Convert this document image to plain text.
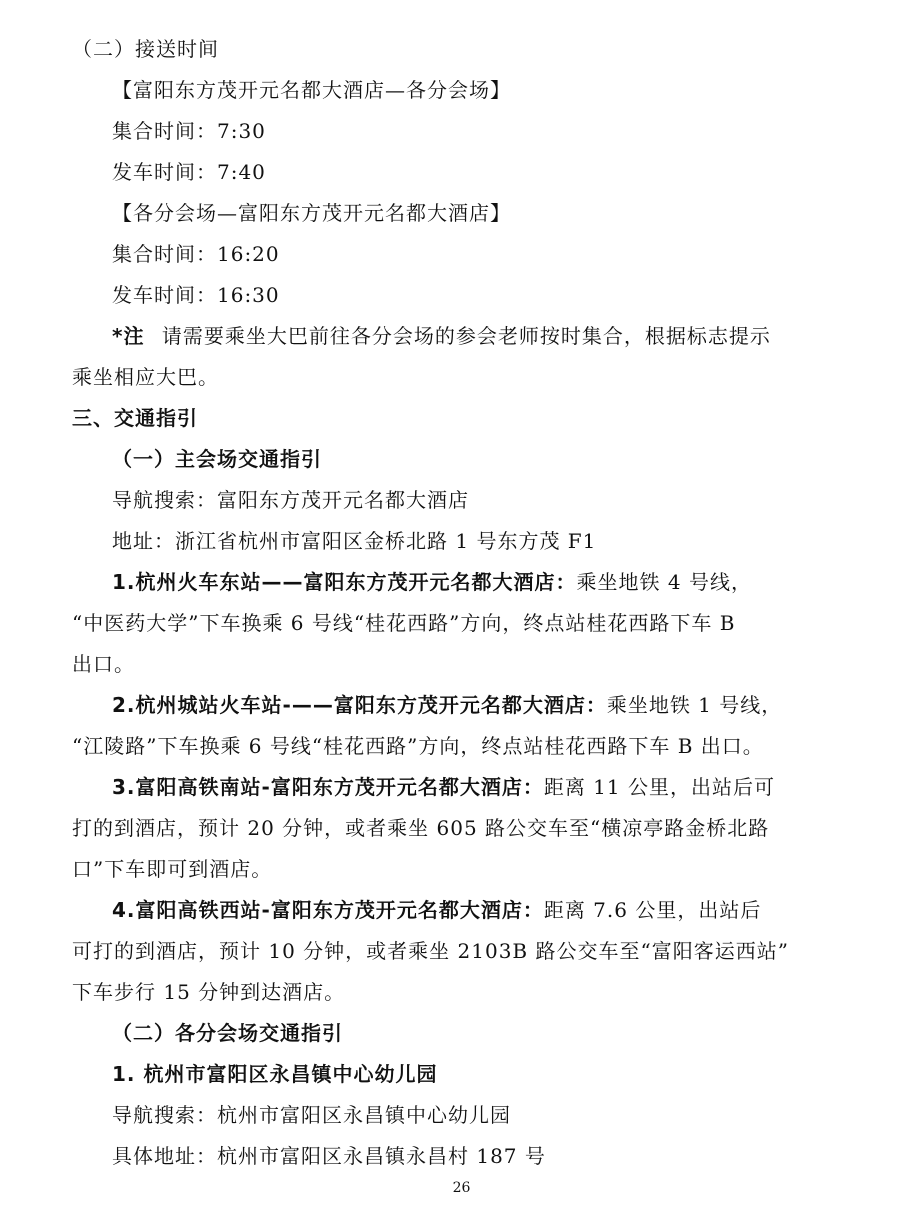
（二）接送时间
【富阳东方茂开元名都大酒店—各分会场】
集合时间：7:30
发车时间：7:40
【各分会场—富阳东方茂开元名都大酒店】
集合时间：16:20
发车时间：16:30
*注 请需要乘坐大巴前往各分会场的参会老师按时集合，根据标志提示
乘坐相应大巴。
三、交通指引
（一）主会场交通指引
导航搜索：富阳东方茂开元名都大酒店
地址：浙江省杭州市富阳区金桥北路 1 号东方茂 F1
1.杭州火车东站——富阳东方茂开元名都大酒店：乘坐地铁 4 号线，
“中医药大学”下车换乘 6 号线“桂花西路”方向，终点站桂花西路下车 B
出口。
2.杭州城站火车站-——富阳东方茂开元名都大酒店：乘坐地铁 1 号线，
“江陵路”下车换乘 6 号线“桂花西路”方向，终点站桂花西路下车 B 出口。
3.富阳高铁南站-富阳东方茂开元名都大酒店：距离 11 公里，出站后可
打的到酒店，预计 20 分钟，或者乘坐 605 路公交车至“横凉亭路金桥北路
口”下车即可到酒店。
4.富阳高铁西站-富阳东方茂开元名都大酒店：距离 7.6 公里，出站后
可打的到酒店，预计 10 分钟，或者乘坐 2103B 路公交车至“富阳客运西站”
下车步行 15 分钟到达酒店。
（二）各分会场交通指引
1. 杭州市富阳区永昌镇中心幼儿园
导航搜索：杭州市富阳区永昌镇中心幼儿园
具体地址：杭州市富阳区永昌镇永昌村 187 号
26
